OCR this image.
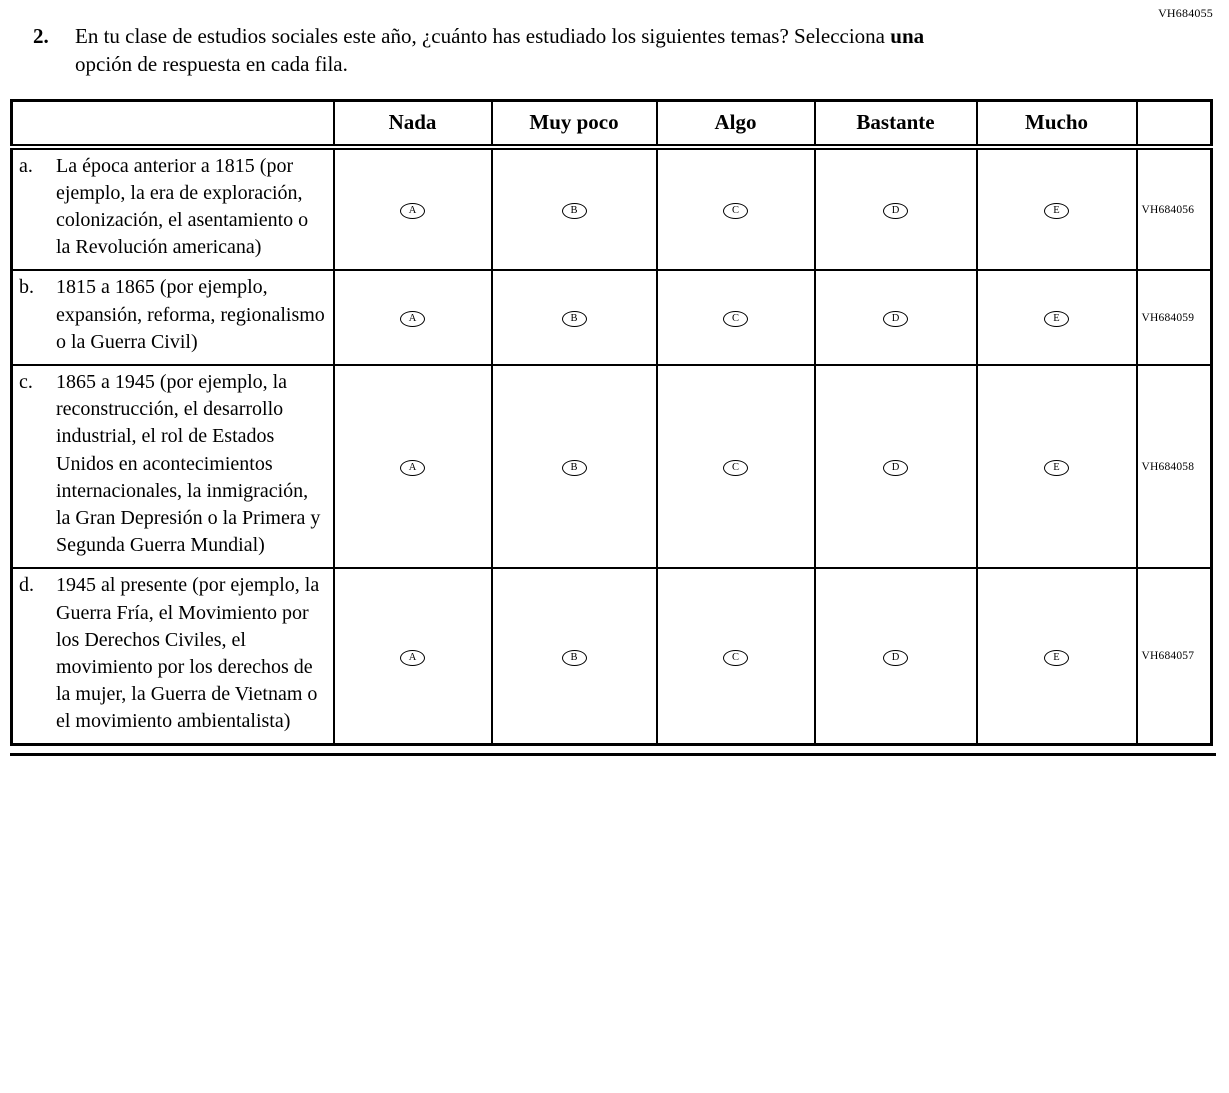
VH684055
2.	En tu clase de estudios sociales este año, ¿cuánto has estudiado los siguientes temas? Selecciona una opción de respuesta en cada fila.
	Nada	Muy poco	Algo	Bastante	Mucho	

a. La época anterior a 1815 (por ejemplo, la era de exploración, colonización, el asentamiento o la Revolución americana)	A	B	C	D	E	VH684056

b. 1815 a 1865 (por ejemplo, expansión, reforma, regionalismo o la Guerra Civil)	A	B	C	D	E	VH684059

c. 1865 a 1945 (por ejemplo, la reconstrucción, el desarrollo industrial, el rol de Estados Unidos en acontecimientos internacionales, la inmigración, la Gran Depresión o la Primera y Segunda Guerra Mundial)	A	B	C	D	E	VH684058

d. 1945 al presente (por ejemplo, la Guerra Fría, el Movimiento por los Derechos Civiles, el movimiento por los derechos de la mujer, la Guerra de Vietnam o el movimiento ambientalista)	A	B	C	D	E	VH684057
